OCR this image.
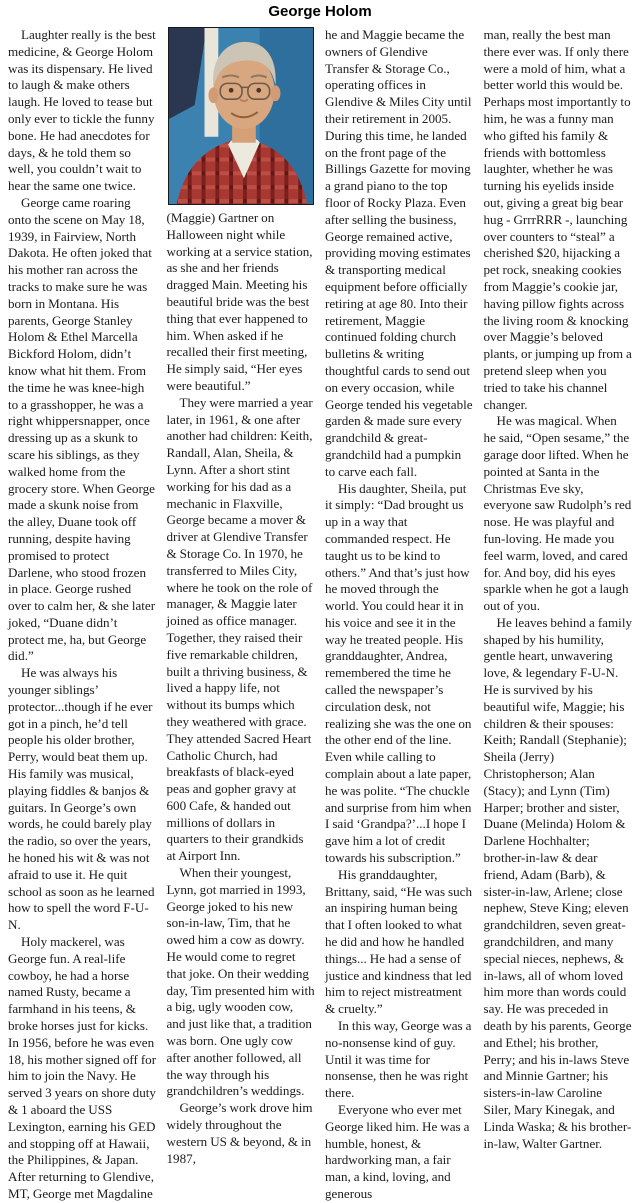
George Holom

Laughter really is the best medicine, & George Holom was its dispensary. He lived to laugh & make others laugh. He loved to tease but only ever to tickle the funny bone. He had anecdotes for days, & he told them so well, you couldn’t wait to hear the same one twice.

George came roaring onto the scene on May 18, 1939, in Fairview, North Dakota. He often joked that his mother ran across the tracks to make sure he was born in Montana. His parents, George Stanley Holom & Ethel Marcella Bickford Holom, didn’t know what hit them. From the time he was knee-high to a grasshopper, he was a right whippersnapper, once dressing up as a skunk to scare his siblings, as they walked home from the grocery store. When George made a skunk noise from the alley, Duane took off running, despite having promised to protect Darlene, who stood frozen in place. George rushed over to calm her, & she later joked, “Duane didn’t protect me, ha, but George did.”

He was always his younger siblings’ protector...though if he ever got in a pinch, he’d tell people his older brother, Perry, would beat them up. His family was musical, playing fiddles & banjos & guitars. In George’s own words, he could barely play the radio, so over the years, he honed his wit & was not afraid to use it. He quit school as soon as he learned how to spell the word F-U-N.

Holy mackerel, was George fun. A real-life cowboy, he had a horse named Rusty, became a farmhand in his teens, & broke horses just for kicks. In 1956, before he was even 18, his mother signed off for him to join the Navy. He served 3 years on shore duty & 1 aboard the USS Lexington, earning his GED and stopping off at Hawaii, the Philippines, & Japan. After returning to Glendive, MT, George met Magdaline

(Maggie) Gartner on Halloween night while working at a service station, as she and her friends dragged Main. Meeting his beautiful bride was the best thing that ever happened to him. When asked if he recalled their first meeting, He simply said, “Her eyes were beautiful.”

They were married a year later, in 1961, & one after another had children: Keith, Randall, Alan, Sheila, & Lynn. After a short stint working for his dad as a mechanic in Flaxville, George became a mover & driver at Glendive Transfer & Storage Co. In 1970, he transferred to Miles City, where he took on the role of manager, & Maggie later joined as office manager. Together, they raised their five remarkable children, built a thriving business, & lived a happy life, not without its bumps which they weathered with grace. They attended Sacred Heart Catholic Church, had breakfasts of black-eyed peas and gopher gravy at 600 Cafe, & handed out millions of dollars in quarters to their grandkids at Airport Inn.

When their youngest, Lynn, got married in 1993, George joked to his new son-in-law, Tim, that he owed him a cow as dowry. He would come to regret that joke. On their wedding day, Tim presented him with a big, ugly wooden cow, and just like that, a tradition was born. One ugly cow after another followed, all the way through his grandchildren’s weddings.

George’s work drove him widely throughout the western US & beyond, & in 1987,

he and Maggie became the owners of Glendive Transfer & Storage Co., operating offices in Glendive & Miles City until their retirement in 2005. During this time, he landed on the front page of the Billings Gazette for moving a grand piano to the top floor of Rocky Plaza. Even after selling the business, George remained active, providing moving estimates & transporting medical equipment before officially retiring at age 80. Into their retirement, Maggie continued folding church bulletins & writing thoughtful cards to send out on every occasion, while George tended his vegetable garden & made sure every grandchild & great-grandchild had a pumpkin to carve each fall.

His daughter, Sheila, put it simply: “Dad brought us up in a way that commanded respect. He taught us to be kind to others.” And that’s just how he moved through the world. You could hear it in his voice and see it in the way he treated people. His granddaughter, Andrea, remembered the time he called the newspaper’s circulation desk, not realizing she was the one on the other end of the line. Even while calling to complain about a late paper, he was polite. “The chuckle and surprise from him when I said ‘Grandpa?’...I hope I gave him a lot of credit towards his subscription.”

His granddaughter, Brittany, said, “He was such an inspiring human being that I often looked to what he did and how he handled things... He had a sense of justice and kindness that led him to reject mistreatment & cruelty.”

In this way, George was a no-nonsense kind of guy. Until it was time for nonsense, then he was right there.

Everyone who ever met George liked him. He was a humble, honest, & hardworking man, a fair man, a kind, loving, and generous

man, really the best man there ever was. If only there were a mold of him, what a better world this would be. Perhaps most importantly to him, he was a funny man who gifted his family & friends with bottomless laughter, whether he was turning his eyelids inside out, giving a great big bear hug - GrrrRRR -, launching over counters to “steal” a cherished $20, hijacking a pet rock, sneaking cookies from Maggie’s cookie jar, having pillow fights across the living room & knocking over Maggie’s beloved plants, or jumping up from a pretend sleep when you tried to take his channel changer.

He was magical. When he said, “Open sesame,” the garage door lifted. When he pointed at Santa in the Christmas Eve sky, everyone saw Rudolph’s red nose. He was playful and fun-loving. He made you feel warm, loved, and cared for. And boy, did his eyes sparkle when he got a laugh out of you.

He leaves behind a family shaped by his humility, gentle heart, unwavering love, & legendary F-U-N. He is survived by his beautiful wife, Maggie; his children & their spouses: Keith; Randall (Stephanie); Sheila (Jerry) Christopherson; Alan (Stacy); and Lynn (Tim) Harper; brother and sister, Duane (Melinda) Holom & Darlene Hochhalter; brother-in-law & dear friend, Adam (Barb), & sister-in-law, Arlene; close nephew, Steve King; eleven grandchildren, seven great-grandchildren, and many special nieces, nephews, & in-laws, all of whom loved him more than words could say. He was preceded in death by his parents, George and Ethel; his brother, Perry; and his in-laws Steve and Minnie Gartner; his sisters-in-law Caroline Siler, Mary Kinegak, and Linda Waska; & his brother-in-law, Walter Gartner.
